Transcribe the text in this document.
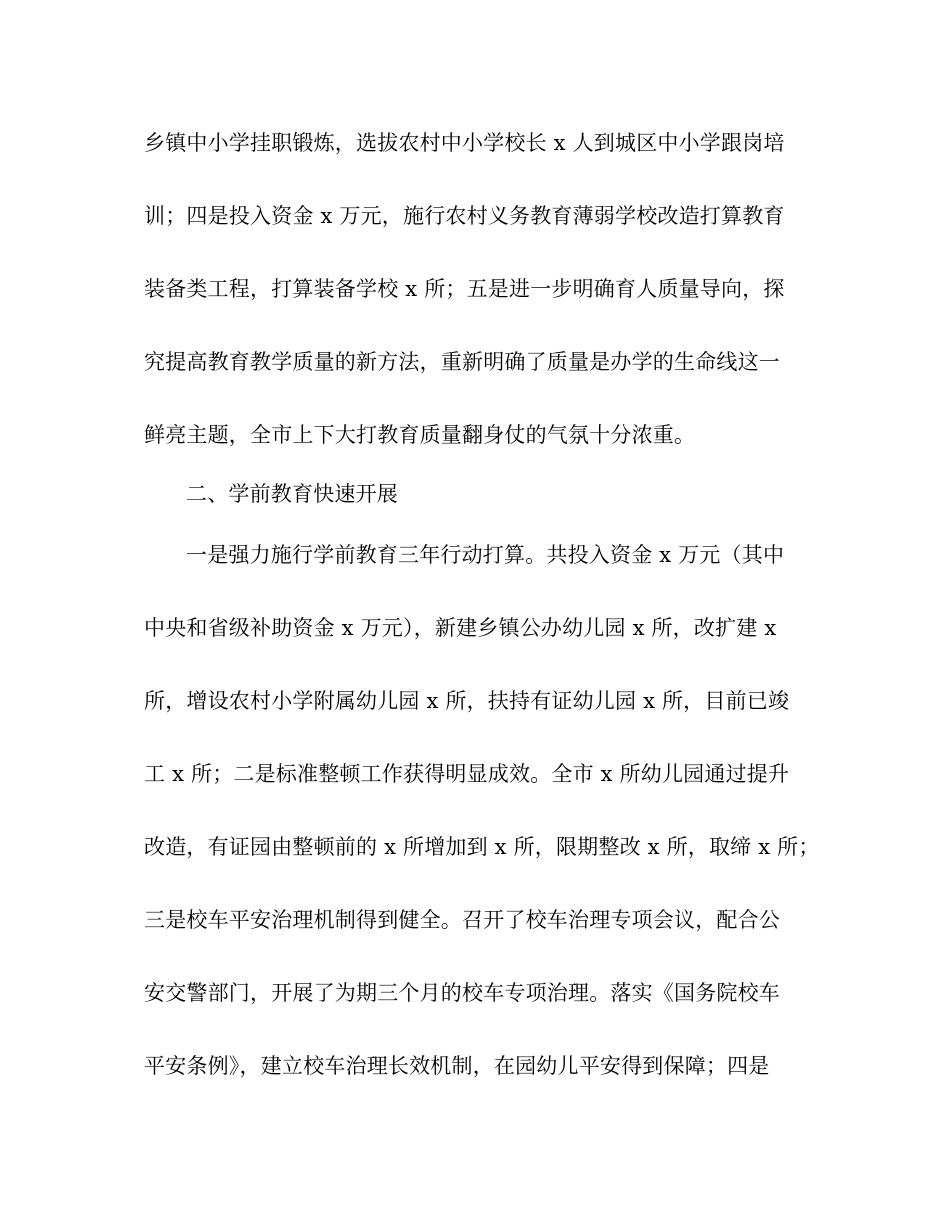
乡镇中小学挂职锻炼，选拔农村中小学校长 x 人到城区中小学跟岗培
训；四是投入资金 x 万元，施行农村义务教育薄弱学校改造打算教育
装备类工程，打算装备学校 x 所；五是进一步明确育人质量导向，探
究提高教育教学质量的新方法，重新明确了质量是办学的生命线这一
鲜亮主题，全市上下大打教育质量翻身仗的气氛十分浓重。
二、学前教育快速开展
一是强力施行学前教育三年行动打算。共投入资金 x 万元（其中
中央和省级补助资金 x 万元），新建乡镇公办幼儿园 x 所，改扩建 x
所，增设农村小学附属幼儿园 x 所，扶持有证幼儿园 x 所，目前已竣
工 x 所；二是标准整顿工作获得明显成效。全市 x 所幼儿园通过提升
改造，有证园由整顿前的 x 所增加到 x 所，限期整改 x 所，取缔 x 所；
三是校车平安治理机制得到健全。召开了校车治理专项会议，配合公
安交警部门，开展了为期三个月的校车专项治理。落实《国务院校车
平安条例》，建立校车治理长效机制，在园幼儿平安得到保障；四是
